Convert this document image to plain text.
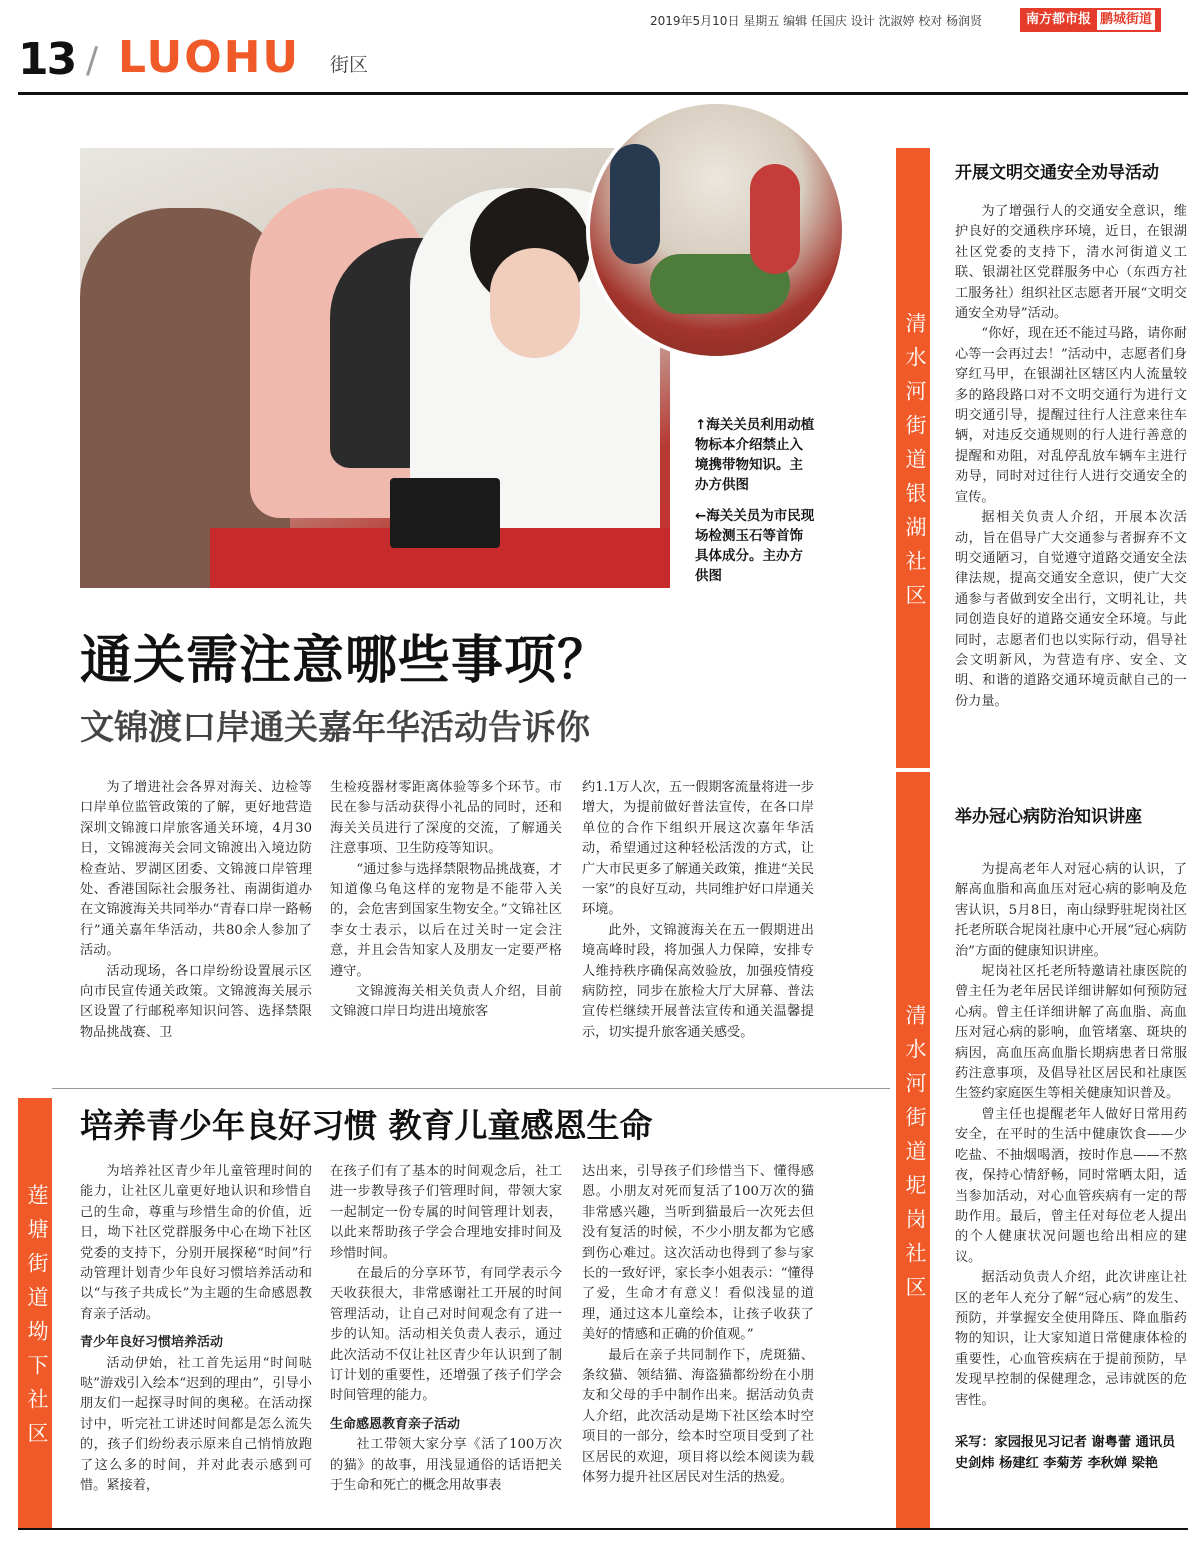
2019年5月10日 星期五 编辑 任国庆 设计 沈淑婷 校对 杨润贤	南方都市报 鹏城街道
13 / LUOHU 街区
↑海关关员利用动植物标本介绍禁止入境携带物知识。主办方供图
←海关关员为市民现场检测玉石等首饰具体成分。主办方供图
通关需注意哪些事项？
文锦渡口岸通关嘉年华活动告诉你

为了增进社会各界对海关、边检等口岸单位监管政策的了解，更好地营造深圳文锦渡口岸旅客通关环境，4月30日，文锦渡海关会同文锦渡出入境边防检查站、罗湖区团委、文锦渡口岸管理处、香港国际社会服务社、南湖街道办在文锦渡海关共同举办“青春口岸一路畅行”通关嘉年华活动，共80余人参加了活动。

活动现场，各口岸纷纷设置展示区向市民宣传通关政策。文锦渡海关展示区设置了行邮税率知识问答、选择禁限物品挑战赛、卫

生检疫器材零距离体验等多个环节。市民在参与活动获得小礼品的同时，还和海关关员进行了深度的交流，了解通关注意事项、卫生防疫等知识。

“通过参与选择禁限物品挑战赛，才知道像乌龟这样的宠物是不能带入关的，会危害到国家生物安全。”文锦社区李女士表示，以后在过关时一定会注意，并且会告知家人及朋友一定要严格遵守。

文锦渡海关相关负责人介绍，目前文锦渡口岸日均进出境旅客

约1.1万人次，五一假期客流量将进一步增大，为提前做好普法宣传，在各口岸单位的合作下组织开展这次嘉年华活动，希望通过这种轻松活泼的方式，让广大市民更多了解通关政策，推进“关民一家”的良好互动，共同维护好口岸通关环境。

此外，文锦渡海关在五一假期进出境高峰时段，将加强人力保障，安排专人维持秩序确保高效验放，加强疫情疫病防控，同步在旅检大厅大屏幕、普法宣传栏继续开展普法宣传和通关温馨提示，切实提升旅客通关感受。

莲塘街道坳下社区
培养青少年良好习惯 教育儿童感恩生命

为培养社区青少年儿童管理时间的能力，让社区儿童更好地认识和珍惜自己的生命，尊重与珍惜生命的价值，近日，坳下社区党群服务中心在坳下社区党委的支持下，分别开展探秘“时间”行动管理计划青少年良好习惯培养活动和以“与孩子共成长”为主题的生命感恩教育亲子活动。

青少年良好习惯培养活动

活动伊始，社工首先运用“时间哒哒”游戏引入绘本“迟到的理由”，引导小朋友们一起探寻时间的奥秘。在活动探讨中，听完社工讲述时间都是怎么流失的，孩子们纷纷表示原来自己悄悄放跑了这么多的时间，并对此表示感到可惜。紧接着，

在孩子们有了基本的时间观念后，社工进一步教导孩子们管理时间，带领大家一起制定一份专属的时间管理计划表，以此来帮助孩子学会合理地安排时间及珍惜时间。

在最后的分享环节，有同学表示今天收获很大，非常感谢社工开展的时间管理活动，让自己对时间观念有了进一步的认知。活动相关负责人表示，通过此次活动不仅让社区青少年认识到了制订计划的重要性，还增强了孩子们学会时间管理的能力。

生命感恩教育亲子活动

社工带领大家分享《活了100万次的猫》的故事，用浅显通俗的话语把关于生命和死亡的概念用故事表

达出来，引导孩子们珍惜当下、懂得感恩。小朋友对死而复活了100万次的猫非常感兴趣，当听到猫最后一次死去但没有复活的时候，不少小朋友都为它感到伤心难过。这次活动也得到了参与家长的一致好评，家长李小姐表示：“懂得了爱，生命才有意义！看似浅显的道理，通过这本儿童绘本，让孩子收获了美好的情感和正确的价值观。”

最后在亲子共同制作下，虎斑猫、条纹猫、领结猫、海盗猫都纷纷在小朋友和父母的手中制作出来。据活动负责人介绍，此次活动是坳下社区绘本时空项目的一部分，绘本时空项目受到了社区居民的欢迎，项目将以绘本阅读为载体努力提升社区居民对生活的热爱。

清水河街道银湖社区
清水河街道坭岗社区
开展文明交通安全劝导活动

为了增强行人的交通安全意识，维护良好的交通秩序环境，近日，在银湖社区党委的支持下，清水河街道义工联、银湖社区党群服务中心（东西方社工服务社）组织社区志愿者开展“文明交通安全劝导”活动。

“你好，现在还不能过马路，请你耐心等一会再过去！”活动中，志愿者们身穿红马甲，在银湖社区辖区内人流量较多的路段路口对不文明交通行为进行文明交通引导，提醒过往行人注意来往车辆，对违反交通规则的行人进行善意的提醒和劝阻，对乱停乱放车辆车主进行劝导，同时对过往行人进行交通安全的宣传。

据相关负责人介绍，开展本次活动，旨在倡导广大交通参与者摒弃不文明交通陋习，自觉遵守道路交通安全法律法规，提高交通安全意识，使广大交通参与者做到安全出行，文明礼让，共同创造良好的道路交通安全环境。与此同时，志愿者们也以实际行动，倡导社会文明新风，为营造有序、安全、文明、和谐的道路交通环境贡献自己的一份力量。

举办冠心病防治知识讲座

为提高老年人对冠心病的认识，了解高血脂和高血压对冠心病的影响及危害认识，5月8日，南山绿野驻坭岗社区托老所联合坭岗社康中心开展“冠心病防治”方面的健康知识讲座。

坭岗社区托老所特邀请社康医院的曾主任为老年居民详细讲解如何预防冠心病。曾主任详细讲解了高血脂、高血压对冠心病的影响，血管堵塞、斑块的病因，高血压高血脂长期病患者日常服药注意事项，及倡导社区居民和社康医生签约家庭医生等相关健康知识普及。

曾主任也提醒老年人做好日常用药安全，在平时的生活中健康饮食——少吃盐、不抽烟喝酒，按时作息——不熬夜，保持心情舒畅，同时常晒太阳，适当参加活动，对心血管疾病有一定的帮助作用。最后，曾主任对每位老人提出的个人健康状况问题也给出相应的建议。

据活动负责人介绍，此次讲座让社区的老年人充分了解“冠心病”的发生、预防，并掌握安全使用降压、降血脂药物的知识，让大家知道日常健康体检的重要性，心血管疾病在于提前预防，早发现早控制的保健理念，忌讳就医的危害性。

采写：家园报见习记者 谢粤蕾 通讯员 史剑炜 杨建红 李菊芳 李秋婵 梁艳
